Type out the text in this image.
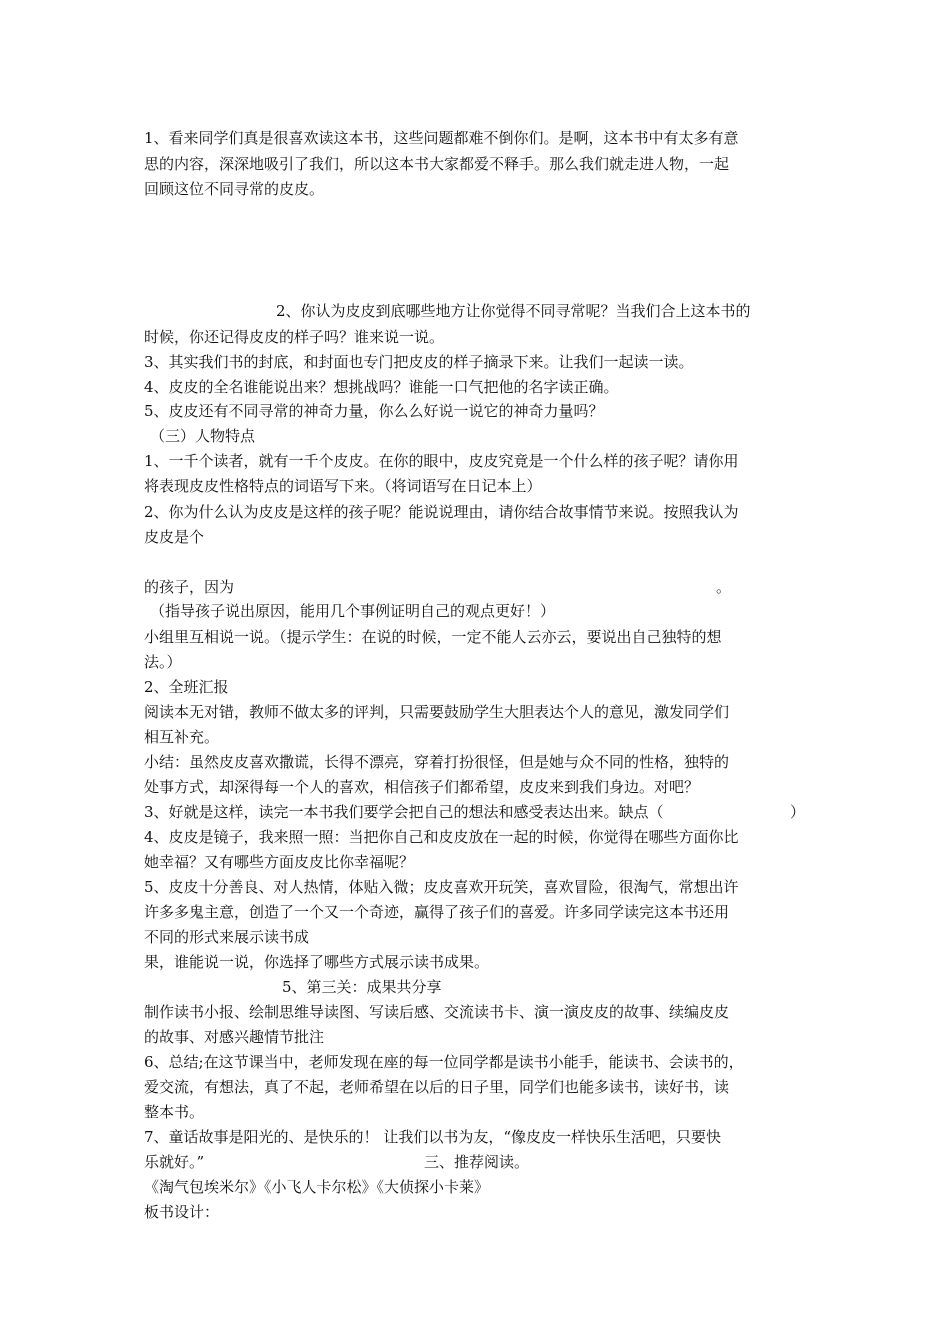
1、看来同学们真是很喜欢读这本书，这些问题都难不倒你们。是啊，这本书中有太多有意
思的内容，深深地吸引了我们，所以这本书大家都爱不释手。那么我们就走进人物，一起
回顾这位不同寻常的皮皮。
2、你认为皮皮到底哪些地方让你觉得不同寻常呢？当我们合上这本书的
时候，你还记得皮皮的样子吗？谁来说一说。
3、其实我们书的封底，和封面也专门把皮皮的样子摘录下来。让我们一起读一读。
4、皮皮的全名谁能说出来？想挑战吗？谁能一口气把他的名字读正确。
5、皮皮还有不同寻常的神奇力量，你么么好说一说它的神奇力量吗？
（三）人物特点
1、一千个读者，就有一千个皮皮。在你的眼中，皮皮究竟是一个什么样的孩子呢？请你用
将表现皮皮性格特点的词语写下来。（将词语写在日记本上）
2、你为什么认为皮皮是这样的孩子呢？能说说理由，请你结合故事情节来说。按照我认为
皮皮是个
的孩子，因为	。
（指导孩子说出原因，能用几个事例证明自己的观点更好！）
小组里互相说一说。（提示学生：在说的时候，一定不能人云亦云，要说出自己独特的想
法。）
2、全班汇报
阅读本无对错，教师不做太多的评判，只需要鼓励学生大胆表达个人的意见，激发同学们
相互补充。
小结：虽然皮皮喜欢撒谎，长得不漂亮，穿着打扮很怪，但是她与众不同的性格，独特的
处事方式，却深得每一个人的喜欢，相信孩子们都希望，皮皮来到我们身边。对吧？
3、好就是这样，读完一本书我们要学会把自己的想法和感受表达出来。缺点（	）
4、皮皮是镜子，我来照一照：当把你自己和皮皮放在一起的时候，你觉得在哪些方面你比
她幸福？又有哪些方面皮皮比你幸福呢？
5、皮皮十分善良、对人热情，体贴入微；皮皮喜欢开玩笑，喜欢冒险，很淘气，常想出许
许多多鬼主意，创造了一个又一个奇迹，赢得了孩子们的喜爱。许多同学读完这本书还用
不同的形式来展示读书成
果，谁能说一说，你选择了哪些方式展示读书成果。
5、第三关：成果共分享
制作读书小报、绘制思维导读图、写读后感、交流读书卡、演一演皮皮的故事、续编皮皮
的故事、对感兴趣情节批注
6、总结;在这节课当中，老师发现在座的每一位同学都是读书小能手，能读书、会读书的，
爱交流，有想法，真了不起，老师希望在以后的日子里，同学们也能多读书，读好书，读
整本书。
7、童话故事是阳光的、是快乐的！ 让我们以书为友，“像皮皮一样快乐生活吧，只要快
乐就好。”	三、推荐阅读。
《淘气包埃米尔》《小飞人卡尔松》《大侦探小卡莱》
板书设计：
